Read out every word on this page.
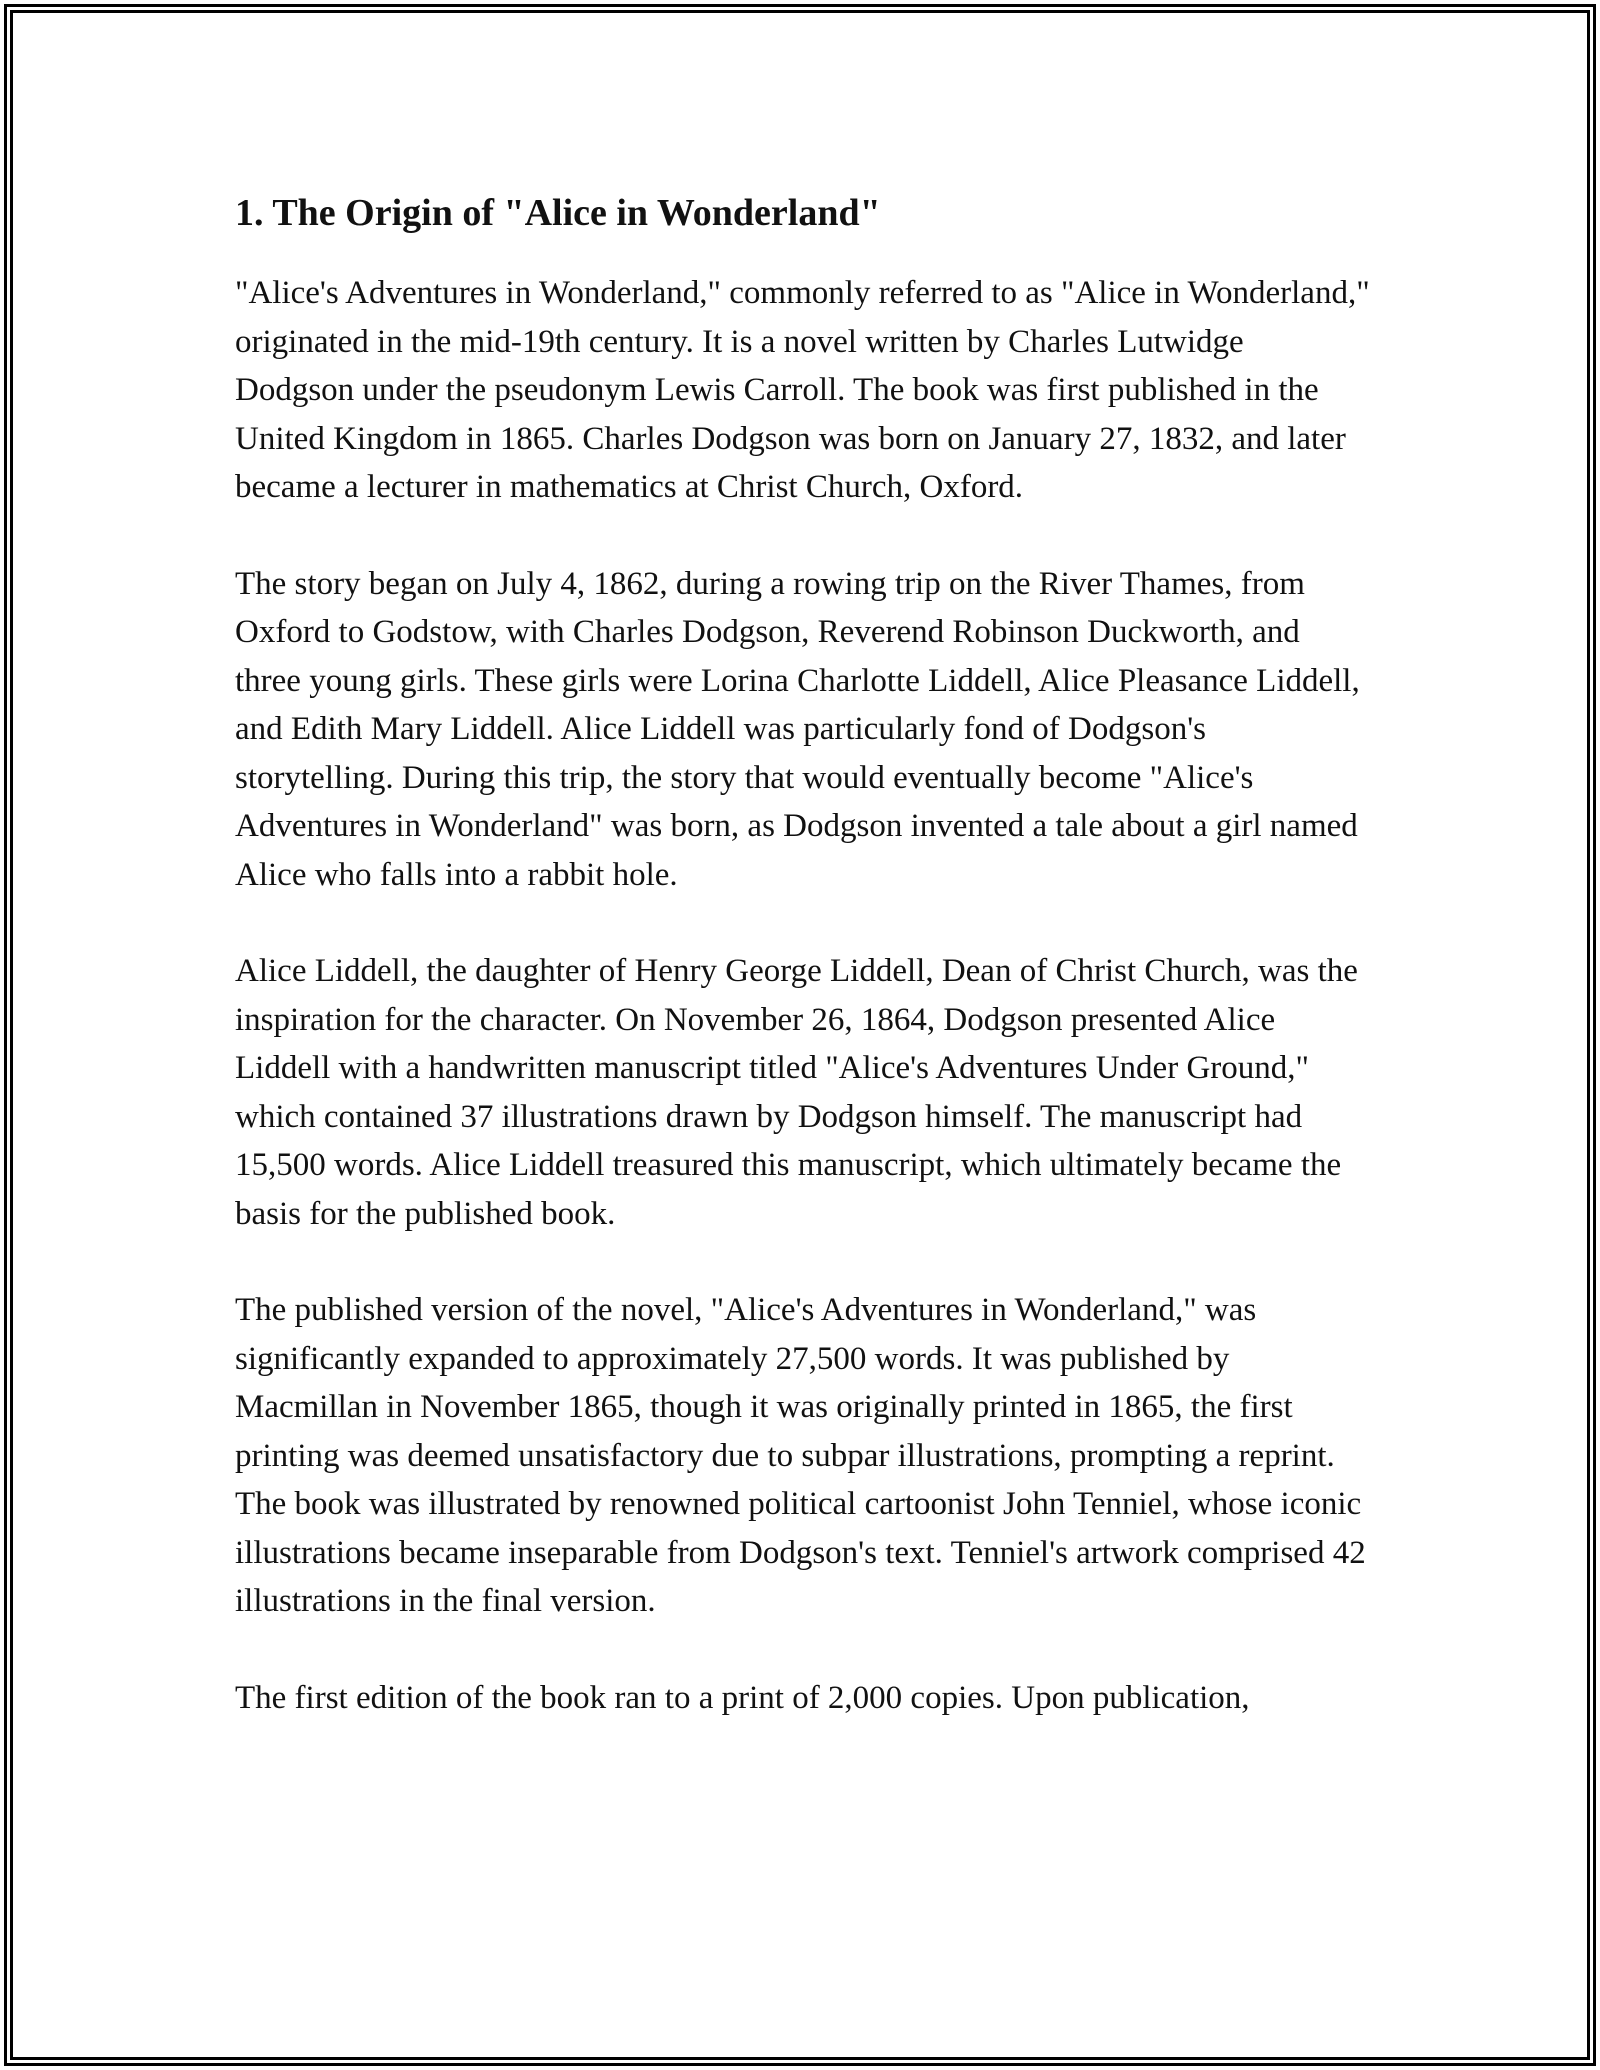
1. The Origin of "Alice in Wonderland"

"Alice's Adventures in Wonderland," commonly referred to as "Alice in Wonderland," originated in the mid-19th century. It is a novel written by Charles Lutwidge Dodgson under the pseudonym Lewis Carroll. The book was first published in the United Kingdom in 1865. Charles Dodgson was born on January 27, 1832, and later became a lecturer in mathematics at Christ Church, Oxford.

The story began on July 4, 1862, during a rowing trip on the River Thames, from Oxford to Godstow, with Charles Dodgson, Reverend Robinson Duckworth, and three young girls. These girls were Lorina Charlotte Liddell, Alice Pleasance Liddell, and Edith Mary Liddell. Alice Liddell was particularly fond of Dodgson's storytelling. During this trip, the story that would eventually become "Alice's Adventures in Wonderland" was born, as Dodgson invented a tale about a girl named Alice who falls into a rabbit hole.

Alice Liddell, the daughter of Henry George Liddell, Dean of Christ Church, was the inspiration for the character. On November 26, 1864, Dodgson presented Alice Liddell with a handwritten manuscript titled "Alice's Adventures Under Ground," which contained 37 illustrations drawn by Dodgson himself. The manuscript had 15,500 words. Alice Liddell treasured this manuscript, which ultimately became the basis for the published book.

The published version of the novel, "Alice's Adventures in Wonderland," was significantly expanded to approximately 27,500 words. It was published by Macmillan in November 1865, though it was originally printed in 1865, the first printing was deemed unsatisfactory due to subpar illustrations, prompting a reprint. The book was illustrated by renowned political cartoonist John Tenniel, whose iconic illustrations became inseparable from Dodgson's text. Tenniel's artwork comprised 42 illustrations in the final version.

The first edition of the book ran to a print of 2,000 copies. Upon publication,
